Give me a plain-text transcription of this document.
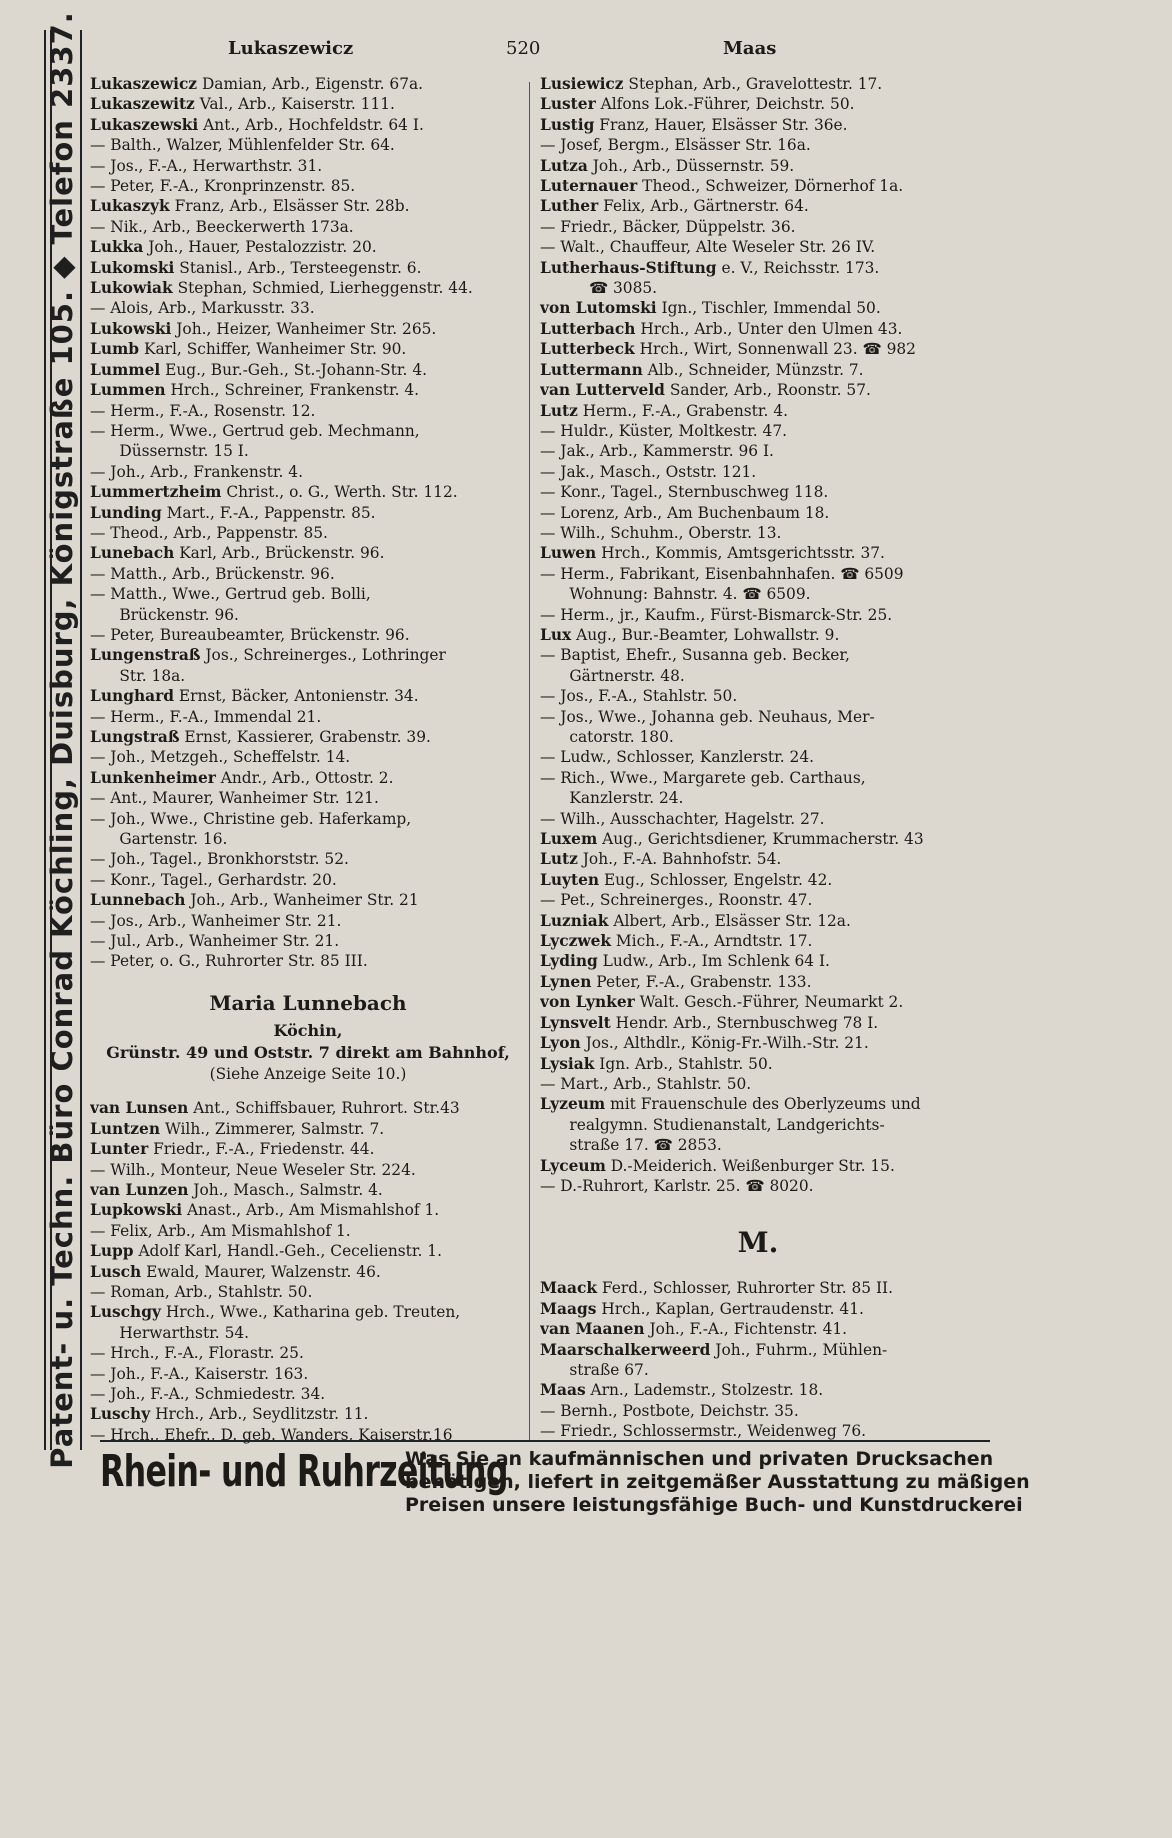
Patent- u. Techn. Büro Conrad Köchling, Duisburg, Königstraße 105. ◆ Telefon 2337.	Lukaszewicz	520	Maas
Lukaszewicz Damian, Arb., Eigenstr. 67a.
Lukaszewitz Val., Arb., Kaiserstr. 111.
Lukaszewski Ant., Arb., Hochfeldstr. 64 I.
— Balth., Walzer, Mühlenfelder Str. 64.
— Jos., F.-A., Herwarthstr. 31.
— Peter, F.-A., Kronprinzenstr. 85.
Lukaszyk Franz, Arb., Elsässer Str. 28b.
— Nik., Arb., Beeckerwerth 173a.
Lukka Joh., Hauer, Pestalozzistr. 20.
Lukomski Stanisl., Arb., Tersteegenstr. 6.
Lukowiak Stephan, Schmied, Lierheggenstr. 44.
— Alois, Arb., Markusstr. 33.
Lukowski Joh., Heizer, Wanheimer Str. 265.
Lumb Karl, Schiffer, Wanheimer Str. 90.
Lummel Eug., Bur.-Geh., St.-Johann-Str. 4.
Lummen Hrch., Schreiner, Frankenstr. 4.
— Herm., F.-A., Rosenstr. 12.
— Herm., Wwe., Gertrud geb. Mechmann,
Düssernstr. 15 I.
— Joh., Arb., Frankenstr. 4.
Lummertzheim Christ., o. G., Werth. Str. 112.
Lunding Mart., F.-A., Pappenstr. 85.
— Theod., Arb., Pappenstr. 85.
Lunebach Karl, Arb., Brückenstr. 96.
— Matth., Arb., Brückenstr. 96.
— Matth., Wwe., Gertrud geb. Bolli,
Brückenstr. 96.
— Peter, Bureaubeamter, Brückenstr. 96.
Lungenstraß Jos., Schreinerges., Lothringer
Str. 18a.
Lunghard Ernst, Bäcker, Antonienstr. 34.
— Herm., F.-A., Immendal 21.
Lungstraß Ernst, Kassierer, Grabenstr. 39.
— Joh., Metzgeh., Scheffelstr. 14.
Lunkenheimer Andr., Arb., Ottostr. 2.
— Ant., Maurer, Wanheimer Str. 121.
— Joh., Wwe., Christine geb. Haferkamp,
Gartenstr. 16.
— Joh., Tagel., Bronkhorststr. 52.
— Konr., Tagel., Gerhardstr. 20.
Lunnebach Joh., Arb., Wanheimer Str. 21
— Jos., Arb., Wanheimer Str. 21.
— Jul., Arb., Wanheimer Str. 21.
— Peter, o. G., Ruhrorter Str. 85 III.
Maria Lunnebach
Köchin,
Grünstr. 49 und Oststr. 7 direkt am Bahnhof,
(Siehe Anzeige Seite 10.)
van Lunsen Ant., Schiffsbauer, Ruhrort. Str.43
Luntzen Wilh., Zimmerer, Salmstr. 7.
Lunter Friedr., F.-A., Friedenstr. 44.
— Wilh., Monteur, Neue Weseler Str. 224.
van Lunzen Joh., Masch., Salmstr. 4.
Lupkowski Anast., Arb., Am Mismahlshof 1.
— Felix, Arb., Am Mismahlshof 1.
Lupp Adolf Karl, Handl.-Geh., Cecelienstr. 1.
Lusch Ewald, Maurer, Walzenstr. 46.
— Roman, Arb., Stahlstr. 50.
Luschgy Hrch., Wwe., Katharina geb. Treuten,
Herwarthstr. 54.
— Hrch., F.-A., Florastr. 25.
— Joh., F.-A., Kaiserstr. 163.
— Joh., F.-A., Schmiedestr. 34.
Luschy Hrch., Arb., Seydlitzstr. 11.
— Hrch., Ehefr., D. geb. Wanders, Kaiserstr.16
Lusiewicz Stephan, Arb., Gravelottestr. 17.
Luster Alfons Lok.-Führer, Deichstr. 50.
Lustig Franz, Hauer, Elsässer Str. 36e.
— Josef, Bergm., Elsässer Str. 16a.
Lutza Joh., Arb., Düssernstr. 59.
Luternauer Theod., Schweizer, Dörnerhof 1a.
Luther Felix, Arb., Gärtnerstr. 64.
— Friedr., Bäcker, Düppelstr. 36.
— Walt., Chauffeur, Alte Weseler Str. 26 IV.
Lutherhaus-Stiftung e. V., Reichsstr. 173.
☎ 3085.
von Lutomski Ign., Tischler, Immendal 50.
Lutterbach Hrch., Arb., Unter den Ulmen 43.
Lutterbeck Hrch., Wirt, Sonnenwall 23. ☎ 982
Luttermann Alb., Schneider, Münzstr. 7.
van Lutterveld Sander, Arb., Roonstr. 57.
Lutz Herm., F.-A., Grabenstr. 4.
— Huldr., Küster, Moltkestr. 47.
— Jak., Arb., Kammerstr. 96 I.
— Jak., Masch., Oststr. 121.
— Konr., Tagel., Sternbuschweg 118.
— Lorenz, Arb., Am Buchenbaum 18.
— Wilh., Schuhm., Oberstr. 13.
Luwen Hrch., Kommis, Amtsgerichtsstr. 37.
— Herm., Fabrikant, Eisenbahnhafen. ☎ 6509
Wohnung: Bahnstr. 4. ☎ 6509.
— Herm., jr., Kaufm., Fürst-Bismarck-Str. 25.
Lux Aug., Bur.-Beamter, Lohwallstr. 9.
— Baptist, Ehefr., Susanna geb. Becker,
Gärtnerstr. 48.
— Jos., F.-A., Stahlstr. 50.
— Jos., Wwe., Johanna geb. Neuhaus, Mer-
catorstr. 180.
— Ludw., Schlosser, Kanzlerstr. 24.
— Rich., Wwe., Margarete geb. Carthaus,
Kanzlerstr. 24.
— Wilh., Ausschachter, Hagelstr. 27.
Luxem Aug., Gerichtsdiener, Krummacherstr. 43
Lutz Joh., F.-A. Bahnhofstr. 54.
Luyten Eug., Schlosser, Engelstr. 42.
— Pet., Schreinerges., Roonstr. 47.
Luzniak Albert, Arb., Elsässer Str. 12a.
Lyczwek Mich., F.-A., Arndtstr. 17.
Lyding Ludw., Arb., Im Schlenk 64 I.
Lynen Peter, F.-A., Grabenstr. 133.
von Lynker Walt. Gesch.-Führer, Neumarkt 2.
Lynsvelt Hendr. Arb., Sternbuschweg 78 I.
Lyon Jos., Althdlr., König-Fr.-Wilh.-Str. 21.
Lysiak Ign. Arb., Stahlstr. 50.
— Mart., Arb., Stahlstr. 50.
Lyzeum mit Frauenschule des Oberlyzeums und
realgymn. Studienanstalt, Landgerichts-
straße 17. ☎ 2853.
Lyceum D.-Meiderich. Weißenburger Str. 15.
— D.-Ruhrort, Karlstr. 25. ☎ 8020.
M.
Maack Ferd., Schlosser, Ruhrorter Str. 85 II.
Maags Hrch., Kaplan, Gertraudenstr. 41.
van Maanen Joh., F.-A., Fichtenstr. 41.
Maarschalkerweerd Joh., Fuhrm., Mühlen-
straße 67.
Maas Arn., Lademstr., Stolzestr. 18.
— Bernh., Postbote, Deichstr. 35.
— Friedr., Schlossermstr., Weidenweg 76.
Rhein- und Ruhrzeitung
Was Sie an kaufmännischen und privaten Drucksachen
benötigen, liefert in zeitgemäßer Ausstattung zu mäßigen
Preisen unsere leistungsfähige Buch- und Kunstdruckerei
